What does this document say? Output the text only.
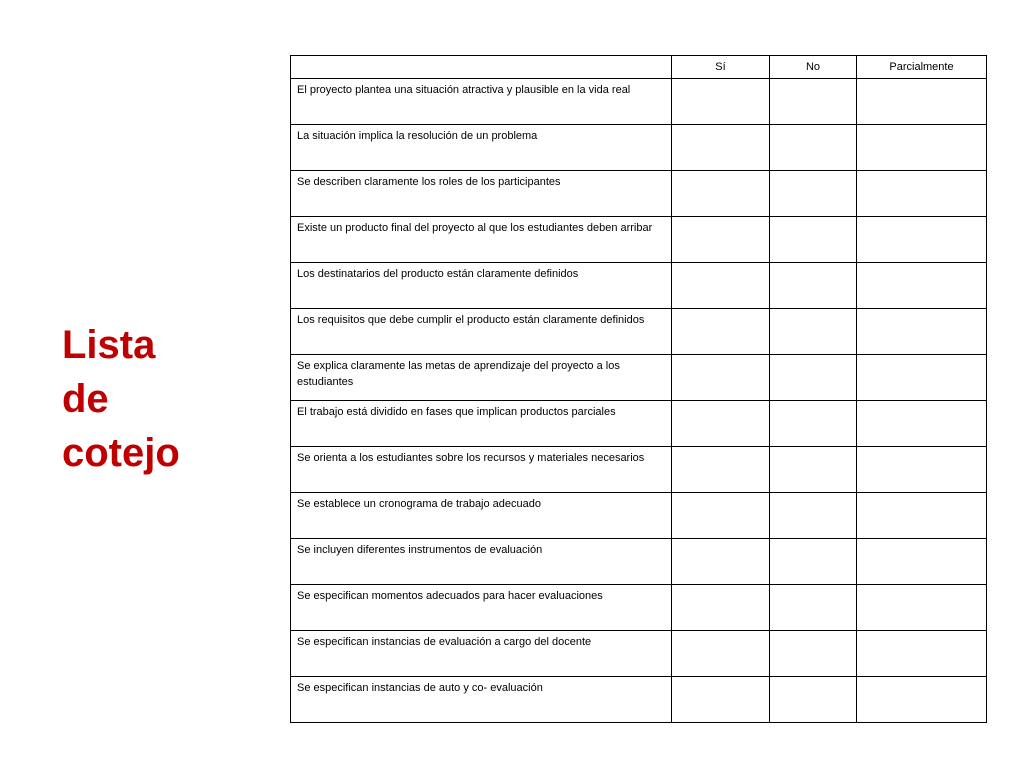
Lista
de
cotejo
	Sí	No	Parcialmente
El proyecto plantea una situación atractiva y plausible en la vida real			
La situación implica la resolución de un problema			
Se describen claramente los roles de los participantes			
Existe un producto final del proyecto al que los estudiantes deben arribar			
Los destinatarios del producto están claramente definidos			
Los requisitos que debe cumplir el producto están claramente definidos			
Se explica claramente las metas de aprendizaje del proyecto a los estudiantes			
El trabajo está dividido en fases que implican productos parciales			
Se orienta a los estudiantes sobre los recursos y materiales necesarios			
Se establece un cronograma de trabajo adecuado			
Se incluyen diferentes instrumentos de evaluación			
Se especifican momentos adecuados para hacer evaluaciones			
Se especifican instancias de evaluación a cargo del docente			
Se especifican instancias de auto y co- evaluación			
